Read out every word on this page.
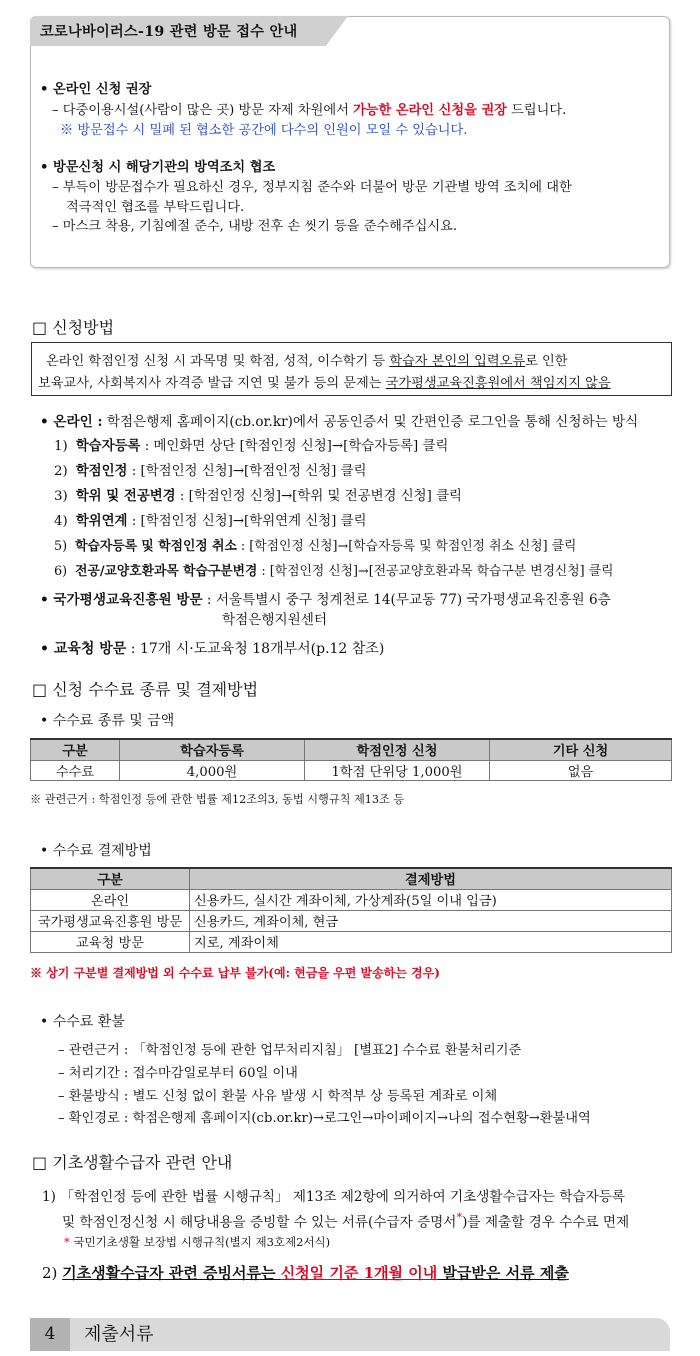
코로나바이러스-19 관련 방문 접수 안내
• 온라인 신청 권장
– 다중이용시설(사람이 많은 곳) 방문 자제 차원에서 가능한 온라인 신청을 권장 드립니다.
※ 방문접수 시 밀폐 된 협소한 공간에 다수의 인원이 모일 수 있습니다.
• 방문신청 시 해당기관의 방역조치 협조
– 부득이 방문접수가 필요하신 경우, 정부지침 준수와 더불어 방문 기관별 방역 조치에 대한
적극적인 협조를 부탁드립니다.
– 마스크 착용, 기침예절 준수, 내방 전후 손 씻기 등을 준수해주십시요.
□ 신청방법
온라인 학점인정 신청 시 과목명 및 학점, 성적, 이수학기 등 학습자 본인의 입력오류로 인한
보육교사, 사회복지사 자격증 발급 지연 및 불가 등의 문제는 국가평생교육진흥원에서 책임지지 않음
• 온라인 : 학점은행제 홈페이지(cb.or.kr)에서 공동인증서 및 간편인증 로그인을 통해 신청하는 방식
1) 학습자등록 : 메인화면 상단 [학점인정 신청]→[학습자등록] 클릭
2) 학점인정 : [학점인정 신청]→[학점인정 신청] 클릭
3) 학위 및 전공변경 : [학점인정 신청]→[학위 및 전공변경 신청] 클릭
4) 학위연계 : [학점인정 신청]→[학위연계 신청] 클릭
5) 학습자등록 및 학점인정 취소 : [학점인정 신청]→[학습자등록 및 학점인정 취소 신청] 클릭
6) 전공/교양호환과목 학습구분변경 : [학점인정 신청]→[전공교양호환과목 학습구분 변경신청] 클릭
• 국가평생교육진흥원 방문 : 서울특별시 중구 청계천로 14(무교동 77) 국가평생교육진흥원 6층
학점은행지원센터
• 교육청 방문 : 17개 시·도교육청 18개부서(p.12 참조)
□ 신청 수수료 종류 및 결제방법
• 수수료 종류 및 금액
구분	학습자등록	학점인정 신청	기타 신청
수수료	4,000원	1학점 단위당 1,000원	없음
※ 관련근거 : 학점인정 등에 관한 법률 제12조의3, 동법 시행규칙 제13조 등
• 수수료 결제방법
구분	결제방법
온라인	신용카드, 실시간 계좌이체, 가상계좌(5일 이내 입금)
국가평생교육진흥원 방문	신용카드, 계좌이체, 현금
교육청 방문	지로, 계좌이체
※ 상기 구분별 결제방법 외 수수료 납부 불가(예: 현금을 우편 발송하는 경우)
• 수수료 환불
– 관련근거 : 「학점인정 등에 관한 업무처리지침」 [별표2] 수수료 환불처리기준
– 처리기간 : 접수마감일로부터 60일 이내
– 환불방식 : 별도 신청 없이 환불 사유 발생 시 학적부 상 등록된 계좌로 이체
– 확인경로 : 학점은행제 홈페이지(cb.or.kr)→로그인→마이페이지→나의 접수현황→환불내역
□ 기초생활수급자 관련 안내
1) 「학점인정 등에 관한 법률 시행규칙」 제13조 제2항에 의거하여 기초생활수급자는 학습자등록
및 학점인정신청 시 해당내용을 증빙할 수 있는 서류(수급자 증명서*)를 제출할 경우 수수료 면제
* 국민기초생활 보장법 시행규칙(별지 제3호제2서식)
2) 기초생활수급자 관련 증빙서류는 신청일 기준 1개월 이내 발급받은 서류 제출
4	제출서류
